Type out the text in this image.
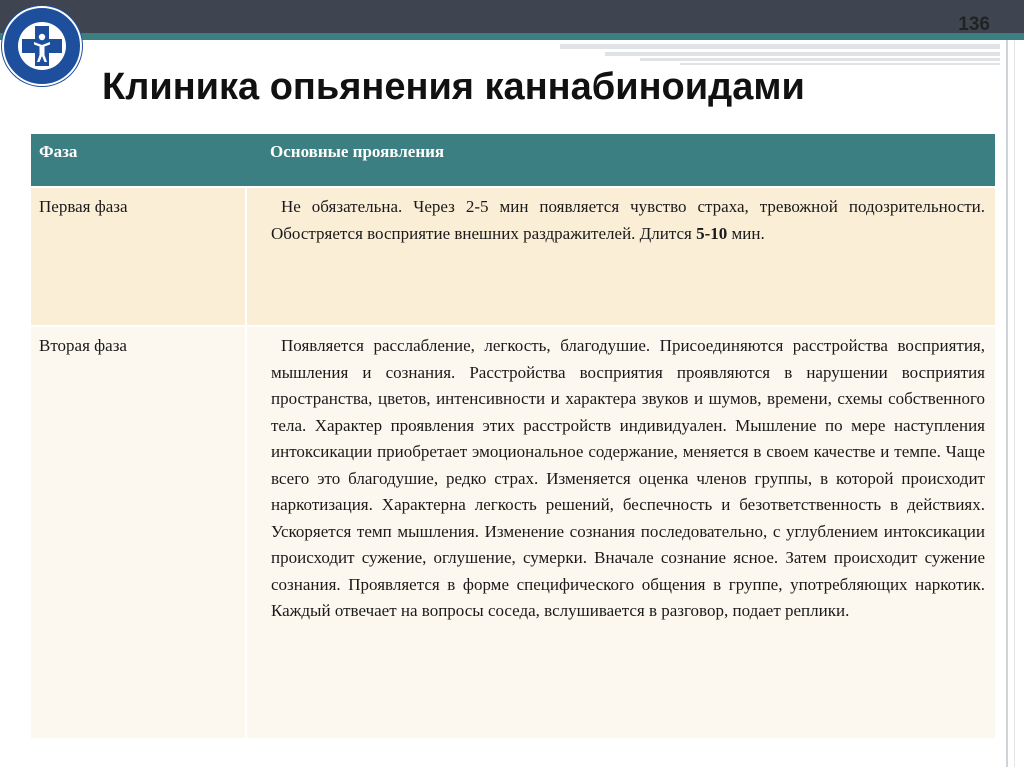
136
Клиника опьянения каннабиноидами
Фаза	Основные проявления
Первая фаза	Не обязательна. Через 2-5 мин появляется чувство страха, тревожной подозрительности. Обостряется восприятие внешних раздражителей. Длится 5-10 мин.
Вторая фаза	Появляется расслабление, легкость, благодушие. Присоединяются расстройства восприятия, мышления и сознания. Расстройства восприятия проявляются в нарушении восприятия пространства, цветов, интенсивности и характера звуков и шумов, времени, схемы собственного тела. Характер проявления этих расстройств индивидуален. Мышление по мере наступления интоксикации приобретает эмоциональное содержание, меняется в своем качестве и темпе. Чаще всего это благодушие, редко страх. Изменяется оценка членов группы, в которой происходит наркотизация. Характерна легкость решений, беспечность и безответственность в действиях. Ускоряется темп мышления. Изменение сознания последовательно, с углублением интоксикации происходит сужение, оглушение, сумерки. Вначале сознание ясное. Затем происходит сужение сознания. Проявляется в форме специфического общения в группе, употребляющих наркотик. Каждый отвечает на вопросы соседа, вслушивается в разговор, подает реплики.
